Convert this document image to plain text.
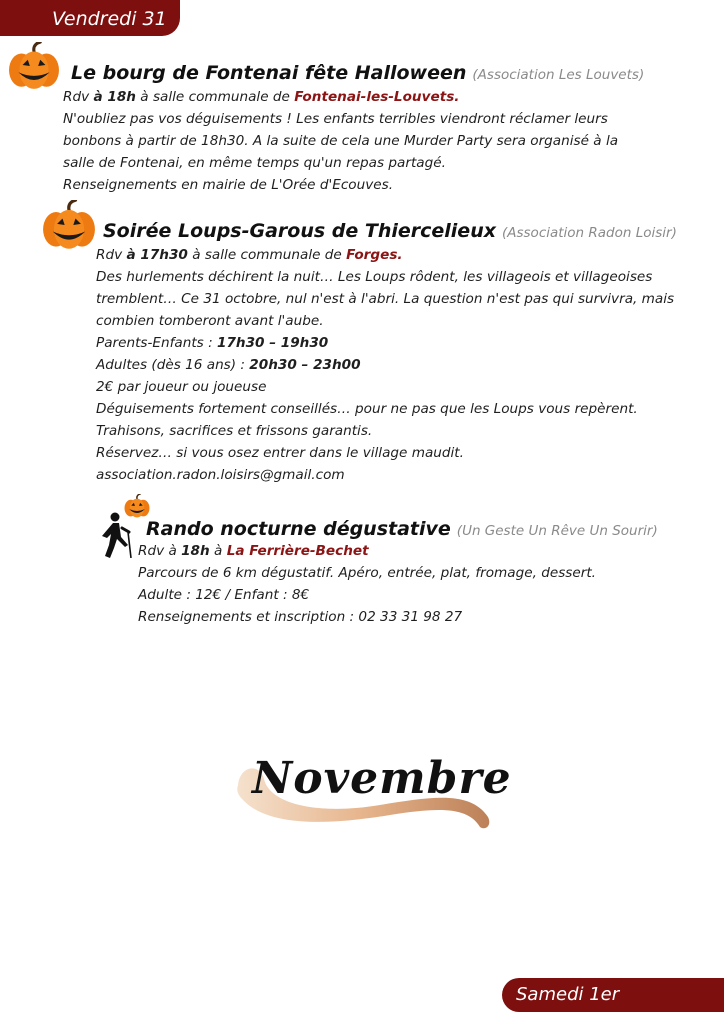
Vendredi 31
Le bourg de Fontenai fête Halloween (Association Les Louvets)
Rdv à 18h à salle communale de Fontenai-les-Louvets.
N'oubliez pas vos déguisements ! Les enfants terribles viendront réclamer leurs
bonbons à partir de 18h30. A la suite de cela une Murder Party sera organisé à la
salle de Fontenai, en même temps qu'un repas partagé.
Renseignements en mairie de L'Orée d'Ecouves.
Soirée Loups-Garous de Thiercelieux (Association Radon Loisir)
Rdv à 17h30 à salle communale de Forges.
Des hurlements déchirent la nuit… Les Loups rôdent, les villageois et villageoises
tremblent… Ce 31 octobre, nul n'est à l'abri. La question n'est pas qui survivra, mais
combien tomberont avant l'aube.
Parents-Enfants : 17h30 – 19h30
Adultes (dès 16 ans) : 20h30 – 23h00
2€ par joueur ou joueuse
Déguisements fortement conseillés… pour ne pas que les Loups vous repèrent.
Trahisons, sacrifices et frissons garantis.
Réservez… si vous osez entrer dans le village maudit.
association.radon.loisirs@gmail.com
Rando nocturne dégustative (Un Geste Un Rêve Un Sourir)
Rdv à 18h à La Ferrière-Bechet
Parcours de 6 km dégustatif. Apéro, entrée, plat, fromage, dessert.
Adulte : 12€ / Enfant : 8€
Renseignements et inscription : 02 33 31 98 27
Novembre
Samedi 1er
